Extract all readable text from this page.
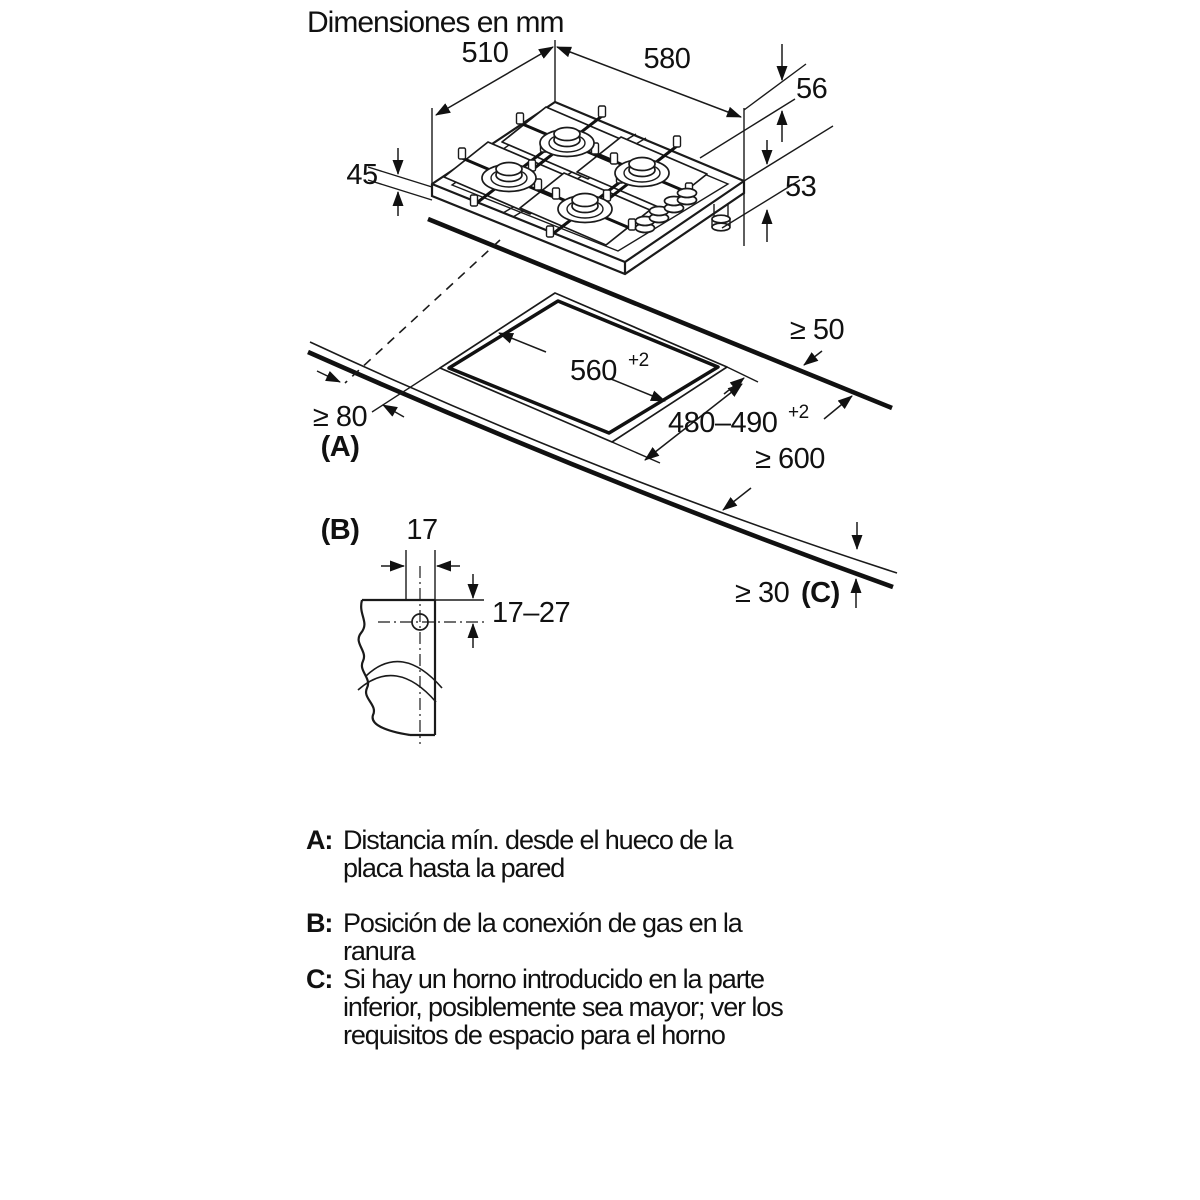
Dimensiones en mm
510	580
45
56
53
560 +2
480–490 +2
≥ 50
≥ 80
(A)	≥ 600
≥ 30 (C)
(B) 17
17–27
A: Distancia mín. desde el hueco de la
placa hasta la pared
B: Posición de la conexión de gas en la
ranura
C: Si hay un horno introducido en la parte
inferior, posiblemente sea mayor; ver los
requisitos de espacio para el horno
